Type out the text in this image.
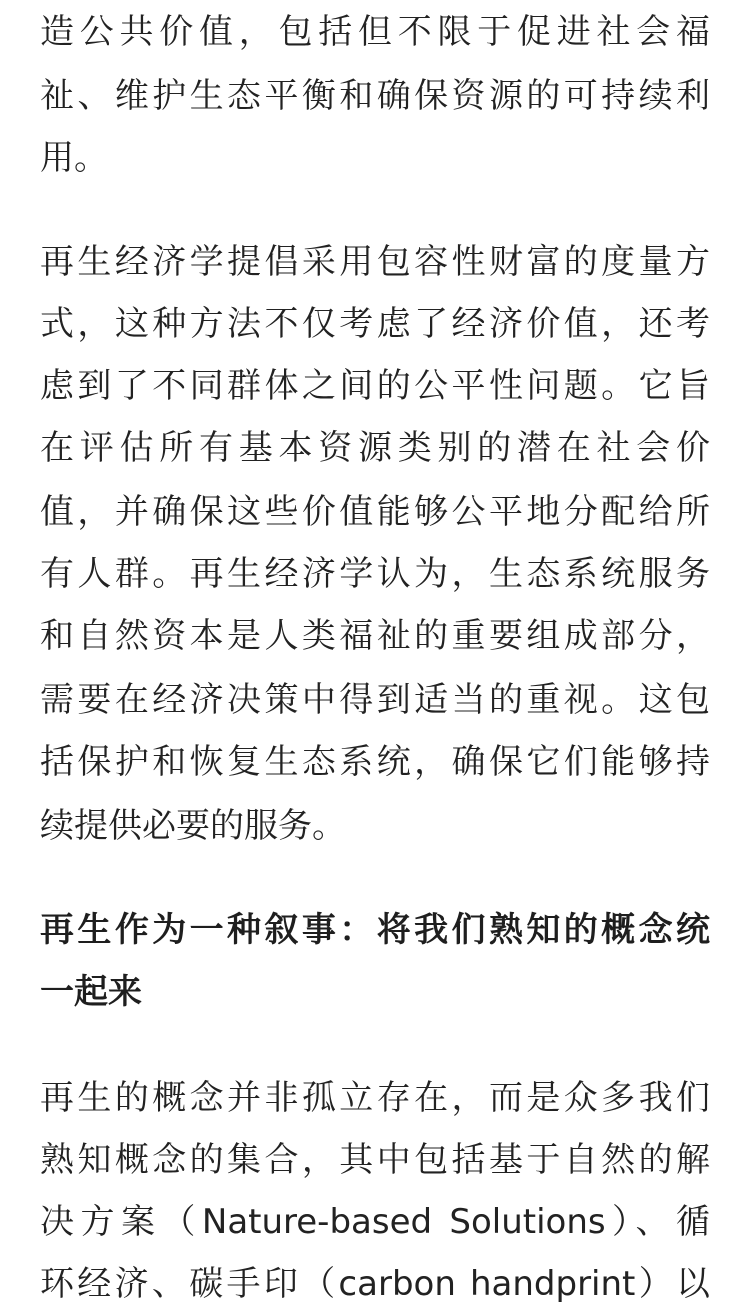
造公共价值，包括但不限于促进社会福
祉、维护生态平衡和确保资源的可持续利
用。
再生经济学提倡采用包容性财富的度量方
式，这种方法不仅考虑了经济价值，还考
虑到了不同群体之间的公平性问题。它旨
在评估所有基本资源类别的潜在社会价
值，并确保这些价值能够公平地分配给所
有人群。再生经济学认为，生态系统服务
和自然资本是人类福祉的重要组成部分，
需要在经济决策中得到适当的重视。这包
括保护和恢复生态系统，确保它们能够持
续提供必要的服务。
再生作为一种叙事：将我们熟知的概念统
一起来
再生的概念并非孤立存在，而是众多我们
熟知概念的集合，其中包括基于自然的解
决方案（Nature-based Solutions）、循
环经济、碳手印（carbon handprint）以
